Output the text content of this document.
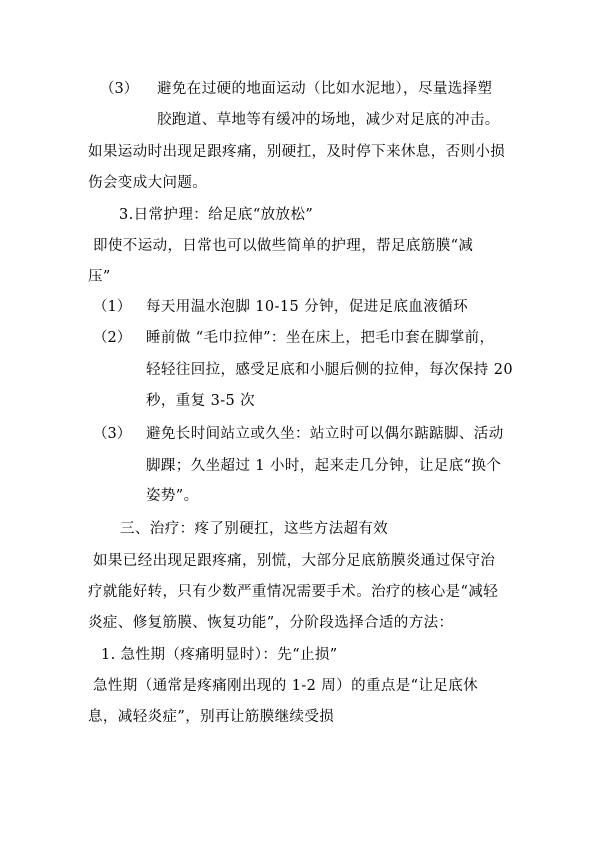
（3） 避免在过硬的地面运动（比如水泥地），尽量选择塑
胶跑道、草地等有缓冲的场地，减少对足底的冲击。
如果运动时出现足跟疼痛，别硬扛，及时停下来休息，否则小损
伤会变成大问题。
3.日常护理：给足底“放放松”
即使不运动，日常也可以做些简单的护理，帮足底筋膜“减
压”
（1） 每天用温水泡脚 10-15 分钟，促进足底血液循环
（2） 睡前做 “毛巾拉伸”：坐在床上，把毛巾套在脚掌前，
轻轻往回拉，感受足底和小腿后侧的拉伸，每次保持 20
秒，重复 3-5 次
（3） 避免长时间站立或久坐：站立时可以偶尔踮踮脚、活动
脚踝；久坐超过 1 小时，起来走几分钟，让足底“换个
姿势”。
三、治疗：疼了别硬扛，这些方法超有效
如果已经出现足跟疼痛，别慌，大部分足底筋膜炎通过保守治
疗就能好转，只有少数严重情况需要手术。治疗的核心是“减轻
炎症、修复筋膜、恢复功能”，分阶段选择合适的方法：
1. 急性期（疼痛明显时）：先“止损”
急性期（通常是疼痛刚出现的 1-2 周）的重点是“让足底休
息，减轻炎症”，别再让筋膜继续受损
